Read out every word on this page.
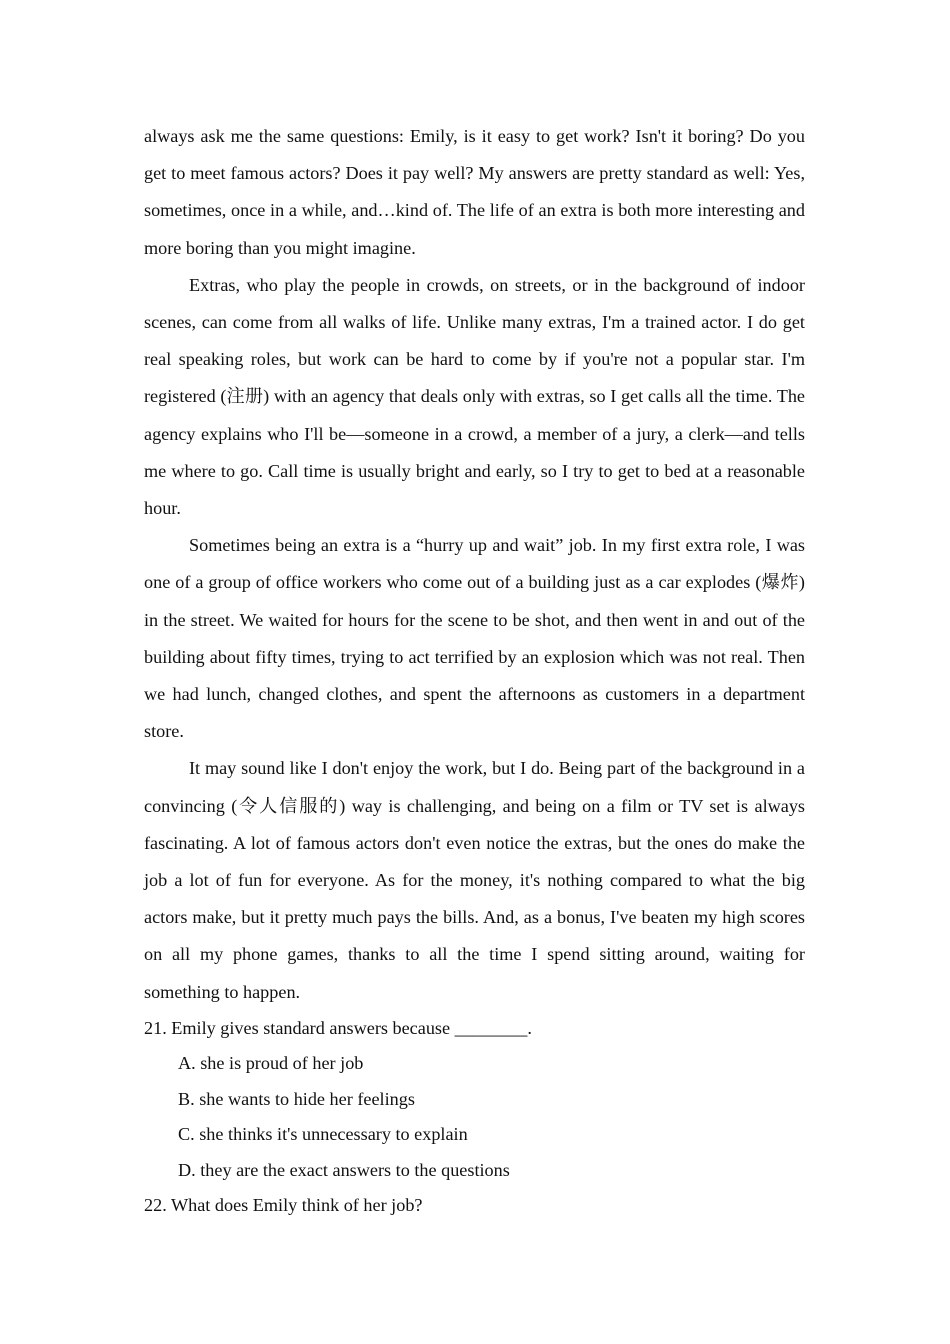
always ask me the same questions: Emily, is it easy to get work? Isn't it boring? Do you get to meet famous actors? Does it pay well? My answers are pretty standard as well: Yes, sometimes, once in a while, and…kind of. The life of an extra is both more interesting and more boring than you might imagine.

Extras, who play the people in crowds, on streets, or in the background of indoor scenes, can come from all walks of life. Unlike many extras, I'm a trained actor. I do get real speaking roles, but work can be hard to come by if you're not a popular star. I'm registered (注册) with an agency that deals only with extras, so I get calls all the time. The agency explains who I'll be—someone in a crowd, a member of a jury, a clerk—and tells me where to go. Call time is usually bright and early, so I try to get to bed at a reasonable hour.

Sometimes being an extra is a “hurry up and wait” job. In my first extra role, I was one of a group of office workers who come out of a building just as a car explodes (爆炸) in the street. We waited for hours for the scene to be shot, and then went in and out of the building about fifty times, trying to act terrified by an explosion which was not real. Then we had lunch, changed clothes, and spent the afternoons as customers in a department store.

It may sound like I don't enjoy the work, but I do. Being part of the background in a convincing (令人信服的) way is challenging, and being on a film or TV set is always fascinating. A lot of famous actors don't even notice the extras, but the ones do make the job a lot of fun for everyone. As for the money, it's nothing compared to what the big actors make, but it pretty much pays the bills. And, as a bonus, I've beaten my high scores on all my phone games, thanks to all the time I spend sitting around, waiting for something to happen.

21. Emily gives standard answers because ________.

A. she is proud of her job
B. she wants to hide her feelings
C. she thinks it's unnecessary to explain
D. they are the exact answers to the questions

22. What does Emily think of her job?
